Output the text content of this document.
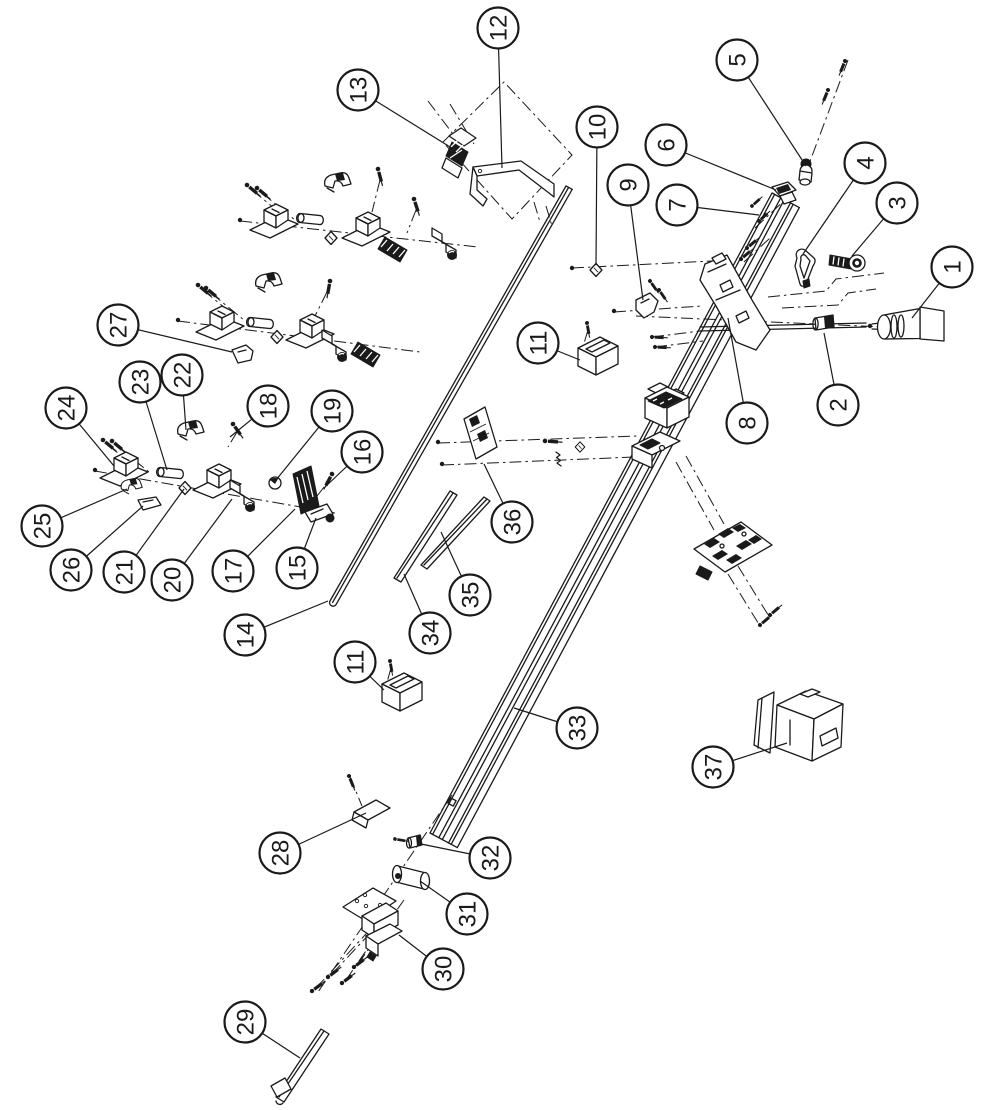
1
2
3
4
5
6
7
8
9
10
11
11
12
13
14
15
16
17
18 19
20
21
22
23
24
25
26
27
28
29
30
31
32
33
34
35
36
37
